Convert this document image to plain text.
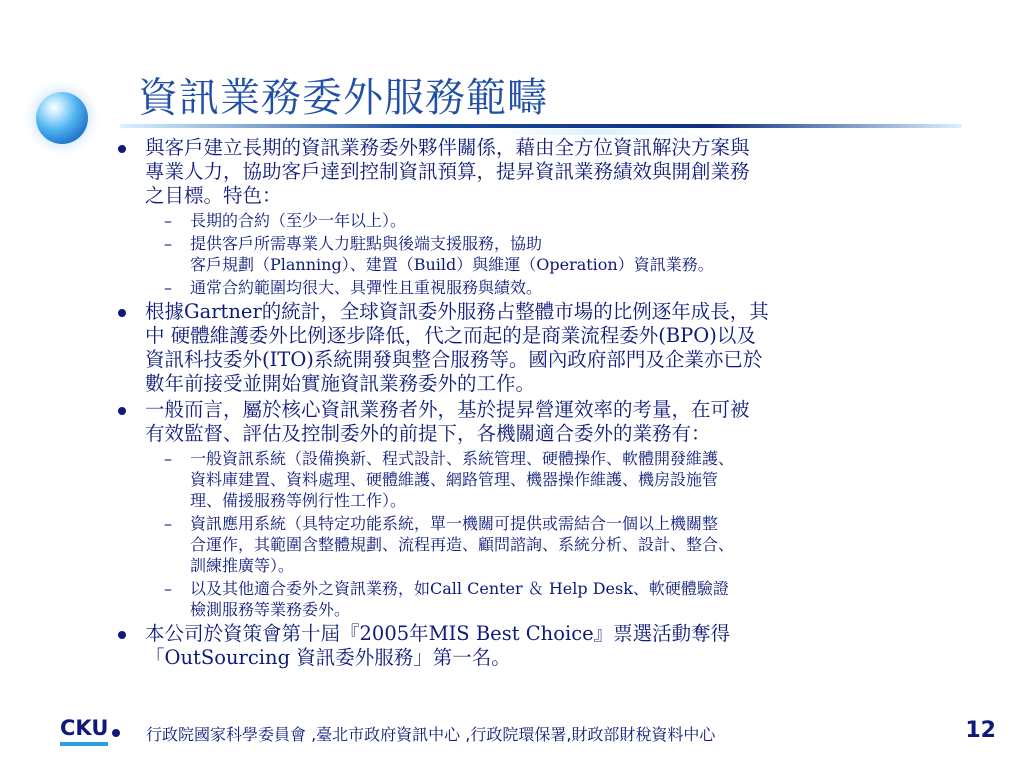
資訊業務委外服務範疇

與客戶建立長期的資訊業務委外夥伴關係，藉由全方位資訊解決方案與
專業人力，協助客戶達到控制資訊預算，提昇資訊業務績效與開創業務
之目標。特色：

– 長期的合約（至少一年以上）。

– 提供客戶所需專業人力駐點與後端支援服務，協助
客戶規劃（Planning）、建置（Build）與維運（Operation）資訊業務。

– 通常合約範圍均很大、具彈性且重視服務與績效。

根據Gartner的統計，全球資訊委外服務占整體市場的比例逐年成長，其
中 硬體維護委外比例逐步降低，代之而起的是商業流程委外(BPO)以及
資訊科技委外(ITO)系統開發與整合服務等。國內政府部門及企業亦已於
數年前接受並開始實施資訊業務委外的工作。

一般而言，屬於核心資訊業務者外，基於提昇營運效率的考量，在可被
有效監督、評估及控制委外的前提下，各機關適合委外的業務有：

– 一般資訊系統（設備換新、程式設計、系統管理、硬體操作、軟體開發維護、
資料庫建置、資料處理、硬體維護、網路管理、機器操作維護、機房設施管
理、備援服務等例行性工作）。

– 資訊應用系統（具特定功能系統，單一機關可提供或需結合一個以上機關整
合運作，其範圍含整體規劃、流程再造、顧問諮詢、系統分析、設計、整合、
訓練推廣等）。

– 以及其他適合委外之資訊業務，如Call Center ＆ Help Desk、軟硬體驗證
檢測服務等業務委外。

本公司於資策會第十屆『2005年MIS Best Choice』票選活動奪得
「OutSourcing 資訊委外服務」第一名。

CKU 行政院國家科學委員會 ,臺北市政府資訊中心 ,行政院環保署,財政部財稅資料中心	12
